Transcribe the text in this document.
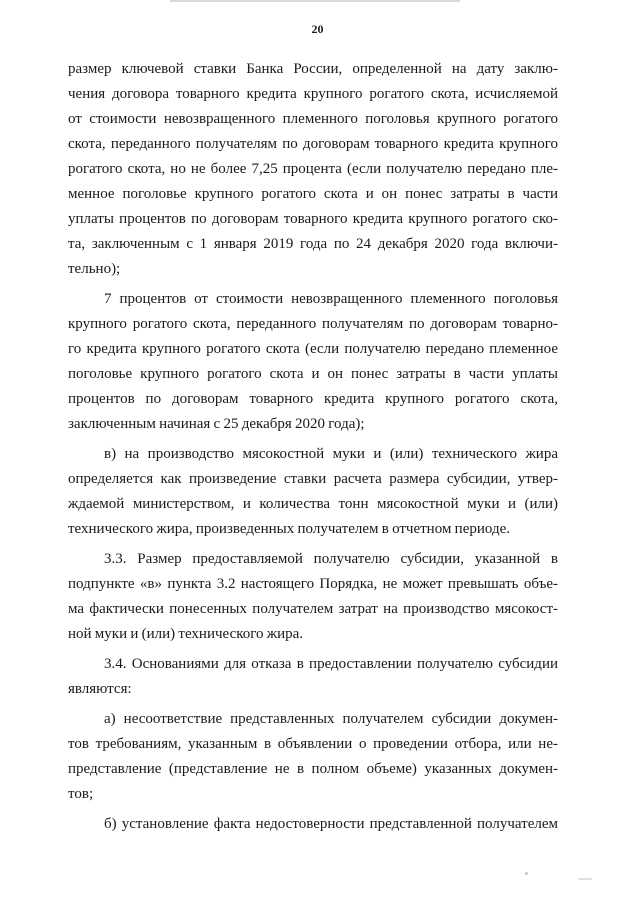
20
размер ключевой ставки Банка России, определенной на дату заклю-
чения договора товарного кредита крупного рогатого скота, исчисляемой
от стоимости невозвращенного племенного поголовья крупного рогатого
скота, переданного получателям по договорам товарного кредита крупного
рогатого скота, но не более 7,25 процента (если получателю передано пле-
менное поголовье крупного рогатого скота и он понес затраты в части
уплаты процентов по договорам товарного кредита крупного рогатого ско-
та, заключенным с 1 января 2019 года по 24 декабря 2020 года включи-
тельно);
7 процентов от стоимости невозвращенного племенного поголовья
крупного рогатого скота, переданного получателям по договорам товарно-
го кредита крупного рогатого скота (если получателю передано племенное
поголовье крупного рогатого скота и он понес затраты в части уплаты
процентов по договорам товарного кредита крупного рогатого скота,
заключенным начиная с 25 декабря 2020 года);
в) на производство мясокостной муки и (или) технического жира
определяется как произведение ставки расчета размера субсидии, утвер-
ждаемой министерством, и количества тонн мясокостной муки и (или)
технического жира, произведенных получателем в отчетном периоде.
3.3. Размер предоставляемой получателю субсидии, указанной в
подпункте «в» пункта 3.2 настоящего Порядка, не может превышать объе-
ма фактически понесенных получателем затрат на производство мясокост-
ной муки и (или) технического жира.
3.4. Основаниями для отказа в предоставлении получателю субсидии
являются:
а) несоответствие представленных получателем субсидии докумен-
тов требованиям, указанным в объявлении о проведении отбора, или не-
представление (представление не в полном объеме) указанных докумен-
тов;
б) установление факта недостоверности представленной получателем
